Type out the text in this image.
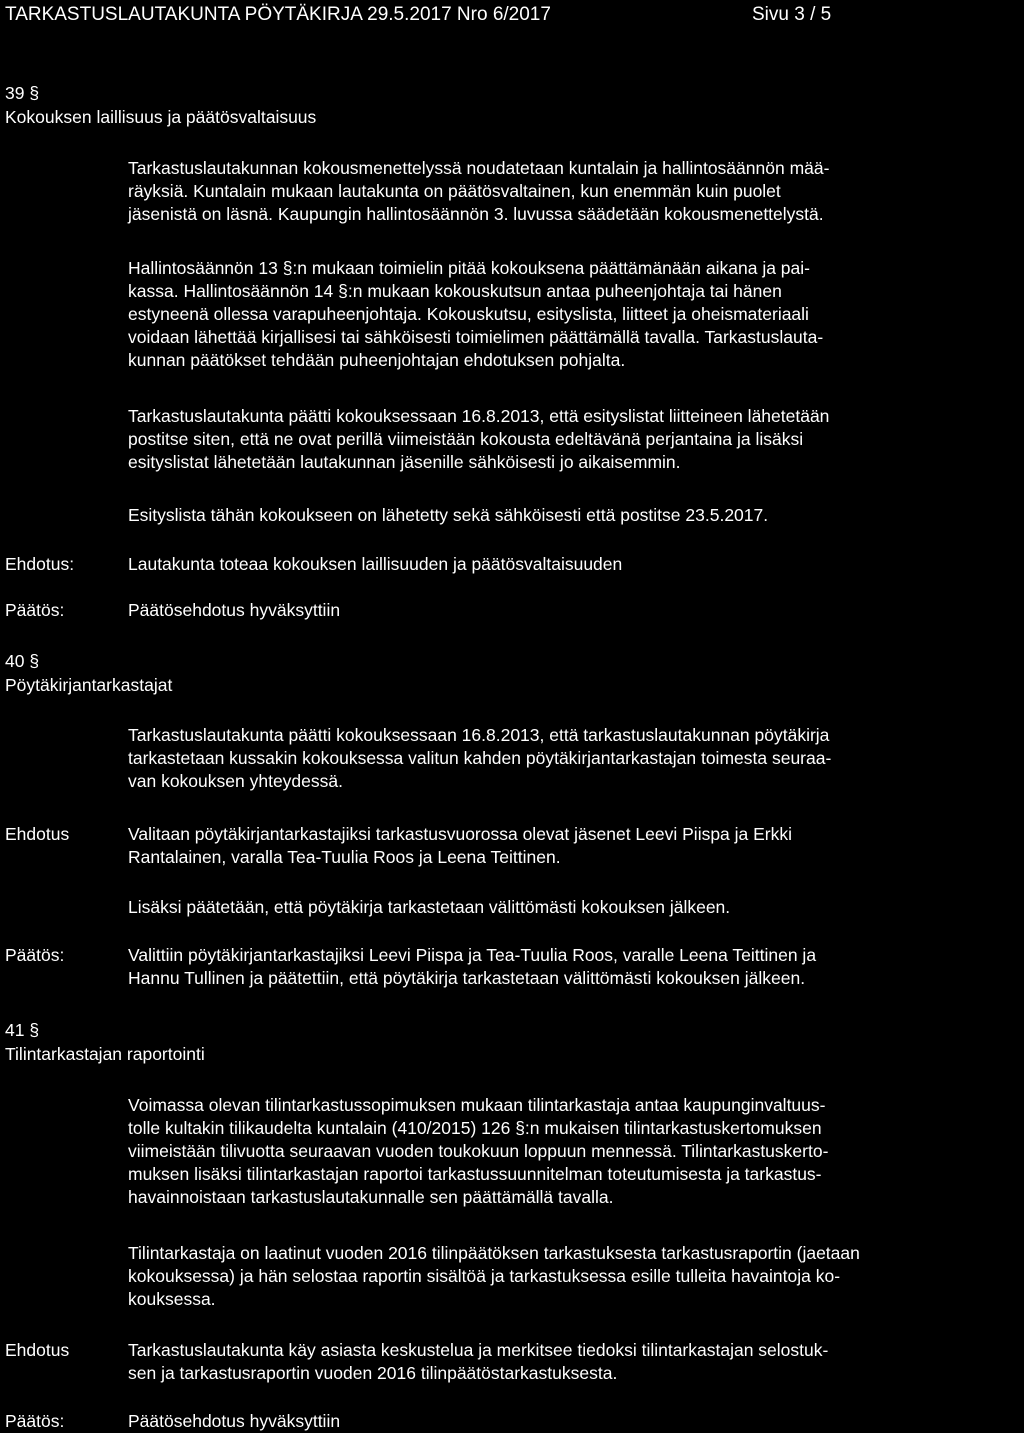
TARKASTUSLAUTAKUNTA PÖYTÄKIRJA 29.5.2017 Nro 6/2017	Sivu 3 / 5
39 §
Kokouksen laillisuus ja päätösvaltaisuus
Tarkastuslautakunnan kokousmenettelyssä noudatetaan kuntalain ja hallintosäännön mää-
räyksiä. Kuntalain mukaan lautakunta on päätösvaltainen, kun enemmän kuin puolet
jäsenistä on läsnä. Kaupungin hallintosäännön 3. luvussa säädetään kokousmenettelystä.
Hallintosäännön 13 §:n mukaan toimielin pitää kokouksena päättämänään aikana ja pai-
kassa. Hallintosäännön 14 §:n mukaan kokouskutsun antaa puheenjohtaja tai hänen
estyneenä ollessa varapuheenjohtaja. Kokouskutsu, esityslista, liitteet ja oheismateriaali
voidaan lähettää kirjallisesi tai sähköisesti toimielimen päättämällä tavalla. Tarkastuslauta-
kunnan päätökset tehdään puheenjohtajan ehdotuksen pohjalta.
Tarkastuslautakunta päätti kokouksessaan 16.8.2013, että esityslistat liitteineen lähetetään
postitse siten, että ne ovat perillä viimeistään kokousta edeltävänä perjantaina ja lisäksi
esityslistat lähetetään lautakunnan jäsenille sähköisesti jo aikaisemmin.
Esityslista tähän kokoukseen on lähetetty sekä sähköisesti että postitse 23.5.2017.
Ehdotus:	Lautakunta toteaa kokouksen laillisuuden ja päätösvaltaisuuden
Päätös:	Päätösehdotus hyväksyttiin
40 §
Pöytäkirjantarkastajat
Tarkastuslautakunta päätti kokouksessaan 16.8.2013, että tarkastuslautakunnan pöytäkirja
tarkastetaan kussakin kokouksessa valitun kahden pöytäkirjantarkastajan toimesta seuraa-
van kokouksen yhteydessä.
Ehdotus	Valitaan pöytäkirjantarkastajiksi tarkastusvuorossa olevat jäsenet Leevi Piispa ja Erkki
Rantalainen, varalla Tea-Tuulia Roos ja Leena Teittinen.
Lisäksi päätetään, että pöytäkirja tarkastetaan välittömästi kokouksen jälkeen.
Päätös:	Valittiin pöytäkirjantarkastajiksi Leevi Piispa ja Tea-Tuulia Roos, varalle Leena Teittinen ja
Hannu Tullinen ja päätettiin, että pöytäkirja tarkastetaan välittömästi kokouksen jälkeen.
41 §
Tilintarkastajan raportointi
Voimassa olevan tilintarkastussopimuksen mukaan tilintarkastaja antaa kaupunginvaltuus-
tolle kultakin tilikaudelta kuntalain (410/2015) 126 §:n mukaisen tilintarkastuskertomuksen
viimeistään tilivuotta seuraavan vuoden toukokuun loppuun mennessä. Tilintarkastuskerto-
muksen lisäksi tilintarkastajan raportoi tarkastussuunnitelman toteutumisesta ja tarkastus-
havainnoistaan tarkastuslautakunnalle sen päättämällä tavalla.
Tilintarkastaja on laatinut vuoden 2016 tilinpäätöksen tarkastuksesta tarkastusraportin (jaetaan
kokouksessa) ja hän selostaa raportin sisältöä ja tarkastuksessa esille tulleita havaintoja ko-
kouksessa.
Ehdotus	Tarkastuslautakunta käy asiasta keskustelua ja merkitsee tiedoksi tilintarkastajan selostuk-
sen ja tarkastusraportin vuoden 2016 tilinpäätöstarkastuksesta.
Päätös:	Päätösehdotus hyväksyttiin
